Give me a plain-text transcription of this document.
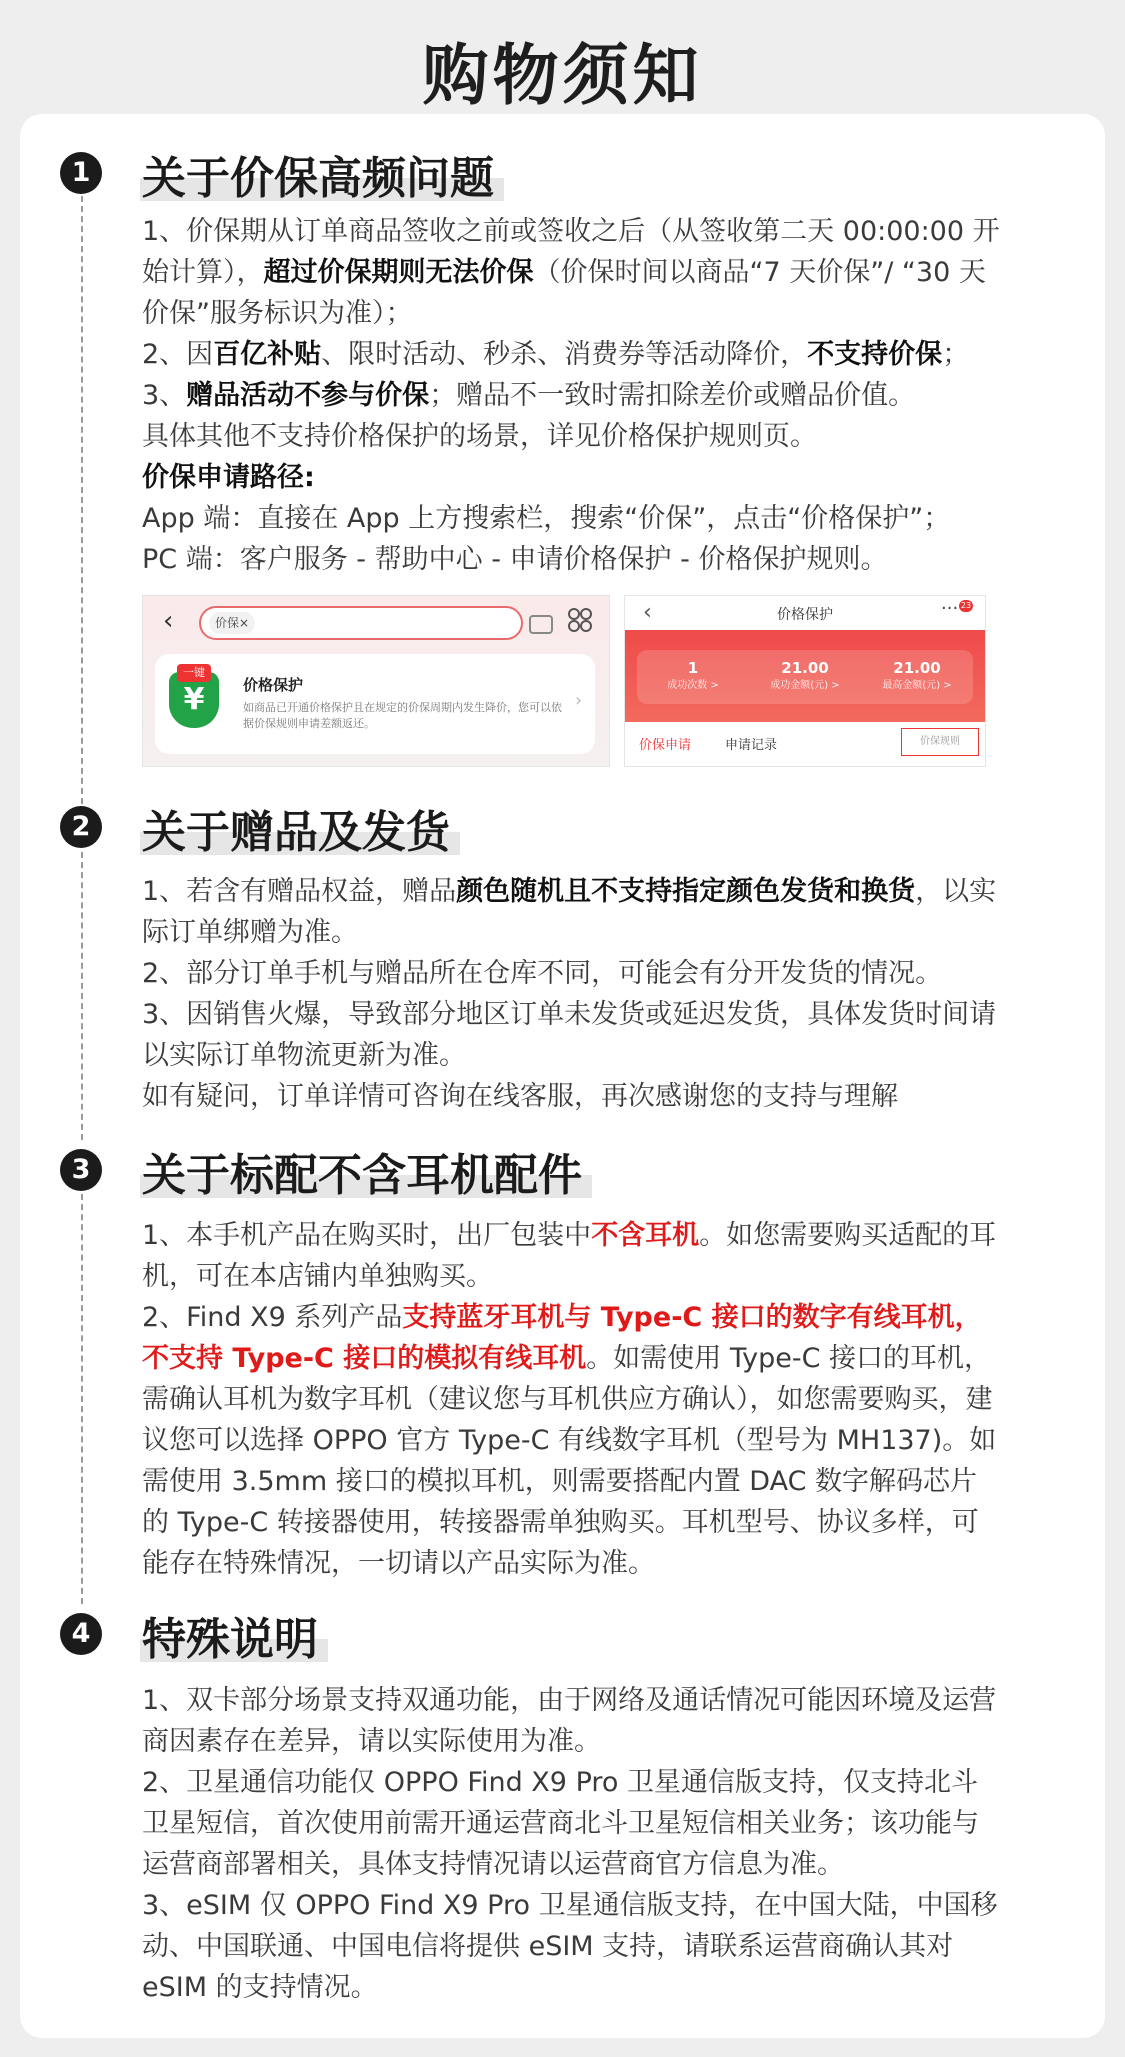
购物须知
1 关于价保高频问题

1、价保期从订单商品签收之前或签收之后（从签收第二天 00:00:00 开始计算），超过价保期则无法价保（价保时间以商品“7 天价保”/ “30 天价保”服务标识为准）；

2、因百亿补贴、限时活动、秒杀、消费券等活动降价，不支持价保；

3、赠品活动不参与价保；赠品不一致时需扣除差价或赠品价值。

具体其他不支持价格保护的场景，详见价格保护规则页。

价保申请路径:

App 端：直接在 App 上方搜索栏，搜索“价保”，点击“价格保护”；

PC 端：客户服务 - 帮助中心 - 申请价格保护 - 价格保护规则。

‹	价保×
¥
一键
价格保护
如商品已开通价格保护且在规定的价保周期内发生降价，您可以依据价保规则申请差额返还。
›
‹	价格保护	··· 23
1
成功次数 >
21.00
成功金额(元) >
21.00
最高金额(元) >
价保申请	申请记录	价保规则
2 关于赠品及发货

1、若含有赠品权益，赠品颜色随机且不支持指定颜色发货和换货，以实际订单绑赠为准。

2、部分订单手机与赠品所在仓库不同，可能会有分开发货的情况。

3、因销售火爆，导致部分地区订单未发货或延迟发货，具体发货时间请以实际订单物流更新为准。

如有疑问，订单详情可咨询在线客服，再次感谢您的支持与理解

3 关于标配不含耳机配件

1、本手机产品在购买时，出厂包装中不含耳机。如您需要购买适配的耳机，可在本店铺内单独购买。

2、Find X9 系列产品支持蓝牙耳机与 Type-C 接口的数字有线耳机，不支持 Type-C 接口的模拟有线耳机。如需使用 Type-C 接口的耳机，需确认耳机为数字耳机（建议您与耳机供应方确认），如您需要购买，建议您可以选择 OPPO 官方 Type-C 有线数字耳机（型号为 MH137)。如需使用 3.5mm 接口的模拟耳机，则需要搭配内置 DAC 数字解码芯片的 Type-C 转接器使用，转接器需单独购买。耳机型号、协议多样，可能存在特殊情况，一切请以产品实际为准。

4 特殊说明

1、双卡部分场景支持双通功能，由于网络及通话情况可能因环境及运营商因素存在差异，请以实际使用为准。

2、卫星通信功能仅 OPPO Find X9 Pro 卫星通信版支持，仅支持北斗卫星短信，首次使用前需开通运营商北斗卫星短信相关业务；该功能与运营商部署相关，具体支持情况请以运营商官方信息为准。

3、eSIM 仅 OPPO Find X9 Pro 卫星通信版支持，在中国大陆，中国移动、中国联通、中国电信将提供 eSIM 支持，请联系运营商确认其对 eSIM 的支持情况。
